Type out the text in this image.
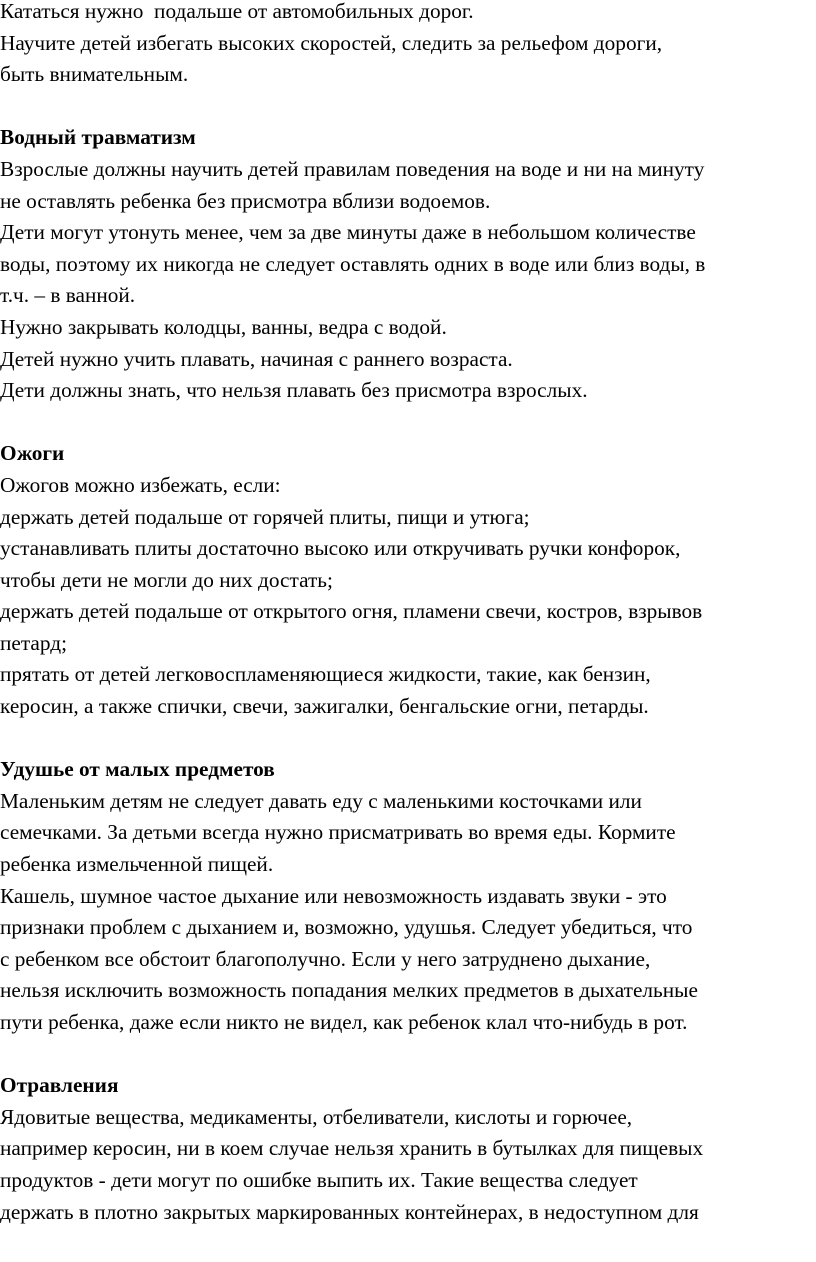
Кататься нужно  подальше от автомобильных дорог.
Научите детей избегать высоких скоростей, следить за рельефом дороги,
быть внимательным.
Водный травматизм
Взрослые должны научить детей правилам поведения на воде и ни на минуту
не оставлять ребенка без присмотра вблизи водоемов.
Дети могут утонуть менее, чем за две минуты даже в небольшом количестве
воды, поэтому их никогда не следует оставлять одних в воде или близ воды, в
т.ч. – в ванной.
Нужно закрывать колодцы, ванны, ведра с водой.
Детей нужно учить плавать, начиная с раннего возраста.
Дети должны знать, что нельзя плавать без присмотра взрослых.
Ожоги
Ожогов можно избежать, если:
держать детей подальше от горячей плиты, пищи и утюга;
устанавливать плиты достаточно высоко или откручивать ручки конфорок,
чтобы дети не могли до них достать;
держать детей подальше от открытого огня, пламени свечи, костров, взрывов
петард;
прятать от детей легковоспламеняющиеся жидкости, такие, как бензин,
керосин, а также спички, свечи, зажигалки, бенгальские огни, петарды.
Удушье от малых предметов
Маленьким детям не следует давать еду с маленькими косточками или
семечками. За детьми всегда нужно присматривать во время еды. Кормите
ребенка измельченной пищей.
Кашель, шумное частое дыхание или невозможность издавать звуки - это
признаки проблем с дыханием и, возможно, удушья. Следует убедиться, что
с ребенком все обстоит благополучно. Если у него затруднено дыхание,
нельзя исключить возможность попадания мелких предметов в дыхательные
пути ребенка, даже если никто не видел, как ребенок клал что-нибудь в рот.
Отравления
Ядовитые вещества, медикаменты, отбеливатели, кислоты и горючее,
например керосин, ни в коем случае нельзя хранить в бутылках для пищевых
продуктов - дети могут по ошибке выпить их. Такие вещества следует
держать в плотно закрытых маркированных контейнерах, в недоступном для
